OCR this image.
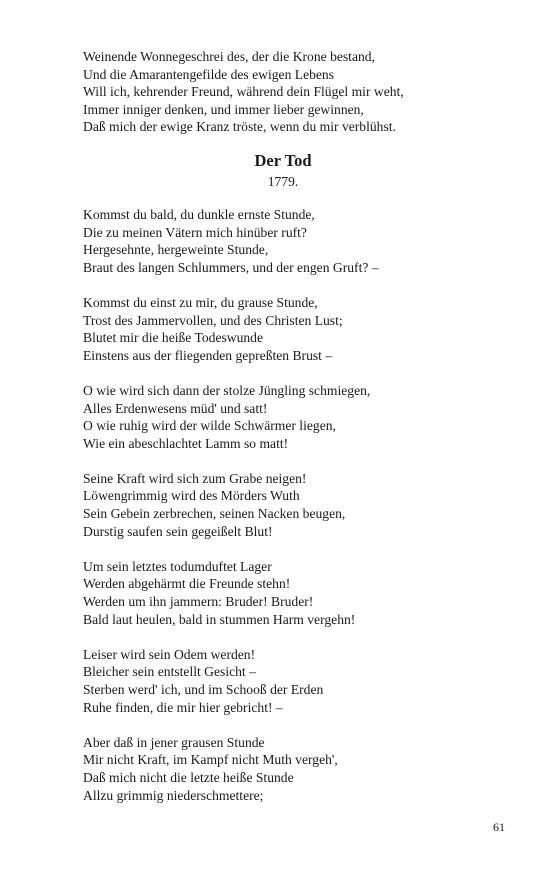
Weinende Wonnegeschrei des, der die Krone bestand,
Und die Amarantengefilde des ewigen Lebens
Will ich, kehrender Freund, während dein Flügel mir weht,
Immer inniger denken, und immer lieber gewinnen,
Daß mich der ewige Kranz tröste, wenn du mir verblühst.
Der Tod
1779.
Kommst du bald, du dunkle ernste Stunde,
Die zu meinen Vätern mich hinüber ruft?
Hergesehnte, hergeweinte Stunde,
Braut des langen Schlummers, und der engen Gruft? –
Kommst du einst zu mir, du grause Stunde,
Trost des Jammervollen, und des Christen Lust;
Blutet mir die heiße Todeswunde
Einstens aus der fliegenden gepreßten Brust –
O wie wird sich dann der stolze Jüngling schmiegen,
Alles Erdenwesens müd' und satt!
O wie ruhig wird der wilde Schwärmer liegen,
Wie ein abeschlachtet Lamm so matt!
Seine Kraft wird sich zum Grabe neigen!
Löwengrimmig wird des Mörders Wuth
Sein Gebein zerbrechen, seinen Nacken beugen,
Durstig saufen sein gegeißelt Blut!
Um sein letztes todumduftet Lager
Werden abgehärmt die Freunde stehn!
Werden um ihn jammern: Bruder! Bruder!
Bald laut heulen, bald in stummen Harm vergehn!
Leiser wird sein Odem werden!
Bleicher sein entstellt Gesicht –
Sterben werd' ich, und im Schooß der Erden
Ruhe finden, die mir hier gebricht! –
Aber daß in jener grausen Stunde
Mir nicht Kraft, im Kampf nicht Muth vergeh',
Daß mich nicht die letzte heiße Stunde
Allzu grimmig niederschmettere;
61
